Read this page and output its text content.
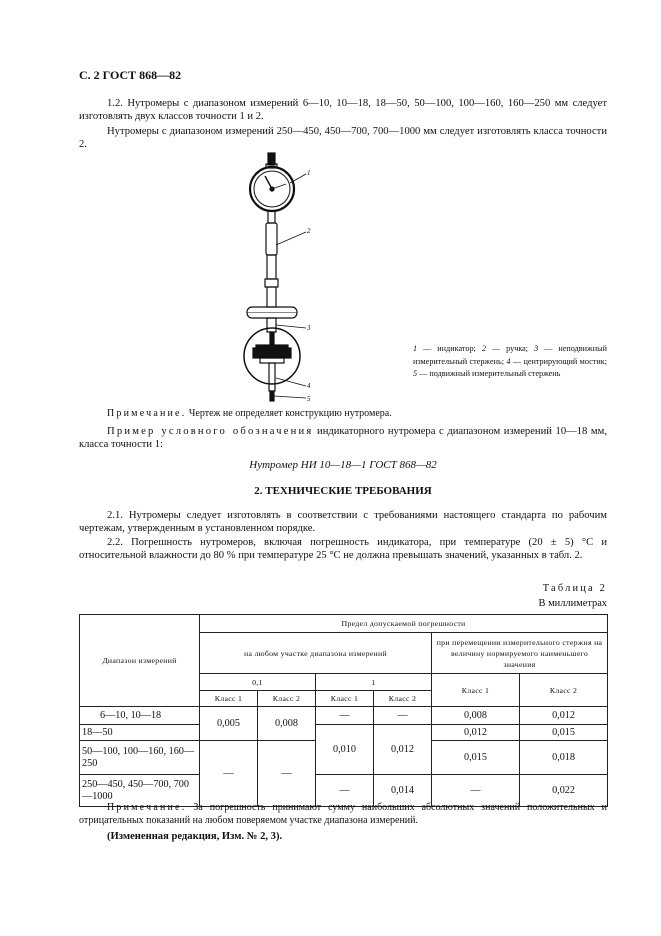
С. 2 ГОСТ 868—82
1.2. Нутромеры с диапазоном измерений 6—10, 10—18, 18—50, 50—100, 100—160, 160—250 мм следует изготовлять двух классов точности 1 и 2.
Нутромеры с диапазоном измерений 250—450, 450—700, 700—1000 мм следует изготовлять класса точности 2.
1
2
3
4
5
1 — индикатор; 2 — ручка; 3 — неподвижный измерительный стержень; 4 — центрирующий мостик; 5 — подвижный измерительный стержень
Примечание. Чертеж не определяет конструкцию нутромера.
Пример условного обозначения индикаторного нутромера с диапазоном измерений 10—18 мм, класса точности 1:
Нутромер НИ 10—18—1 ГОСТ 868—82
2. ТЕХНИЧЕСКИЕ ТРЕБОВАНИЯ
2.1. Нутромеры следует изготовлять в соответствии с требованиями настоящего стандарта по рабочим чертежам, утвержденным в установленном порядке.
2.2. Погрешность нутромеров, включая погрешность индикатора, при температуре (20 ± 5) °С и относительной влажности до 80 % при температуре 25 °С не должна превышать значений, указанных в табл. 2.
Таблица 2
В миллиметрах
Диапазон измерений	Предел допускаемой погрешности					
	на любом участке диапазона измерений				при перемещении измерительного стержня на величину нормируемого наименьшего значения	
	0,1		1		Класс 1	Класс 2
	Класс 1	Класс 2	Класс 1	Класс 2		
6—10, 10—18	0,005	0,008	—	—	0,008	0,012
18—50			0,010	0,012	0,012	0,015
50—100, 100—160, 160—250	—	—			0,015	0,018
250—450, 450—700, 700—1000			—	0,014	—	0,022
Примечание. За погрешность принимают сумму наибольших абсолютных значений положительных и отрицательных показаний на любом поверяемом участке диапазона измерений.
(Измененная редакция, Изм. № 2, 3).
